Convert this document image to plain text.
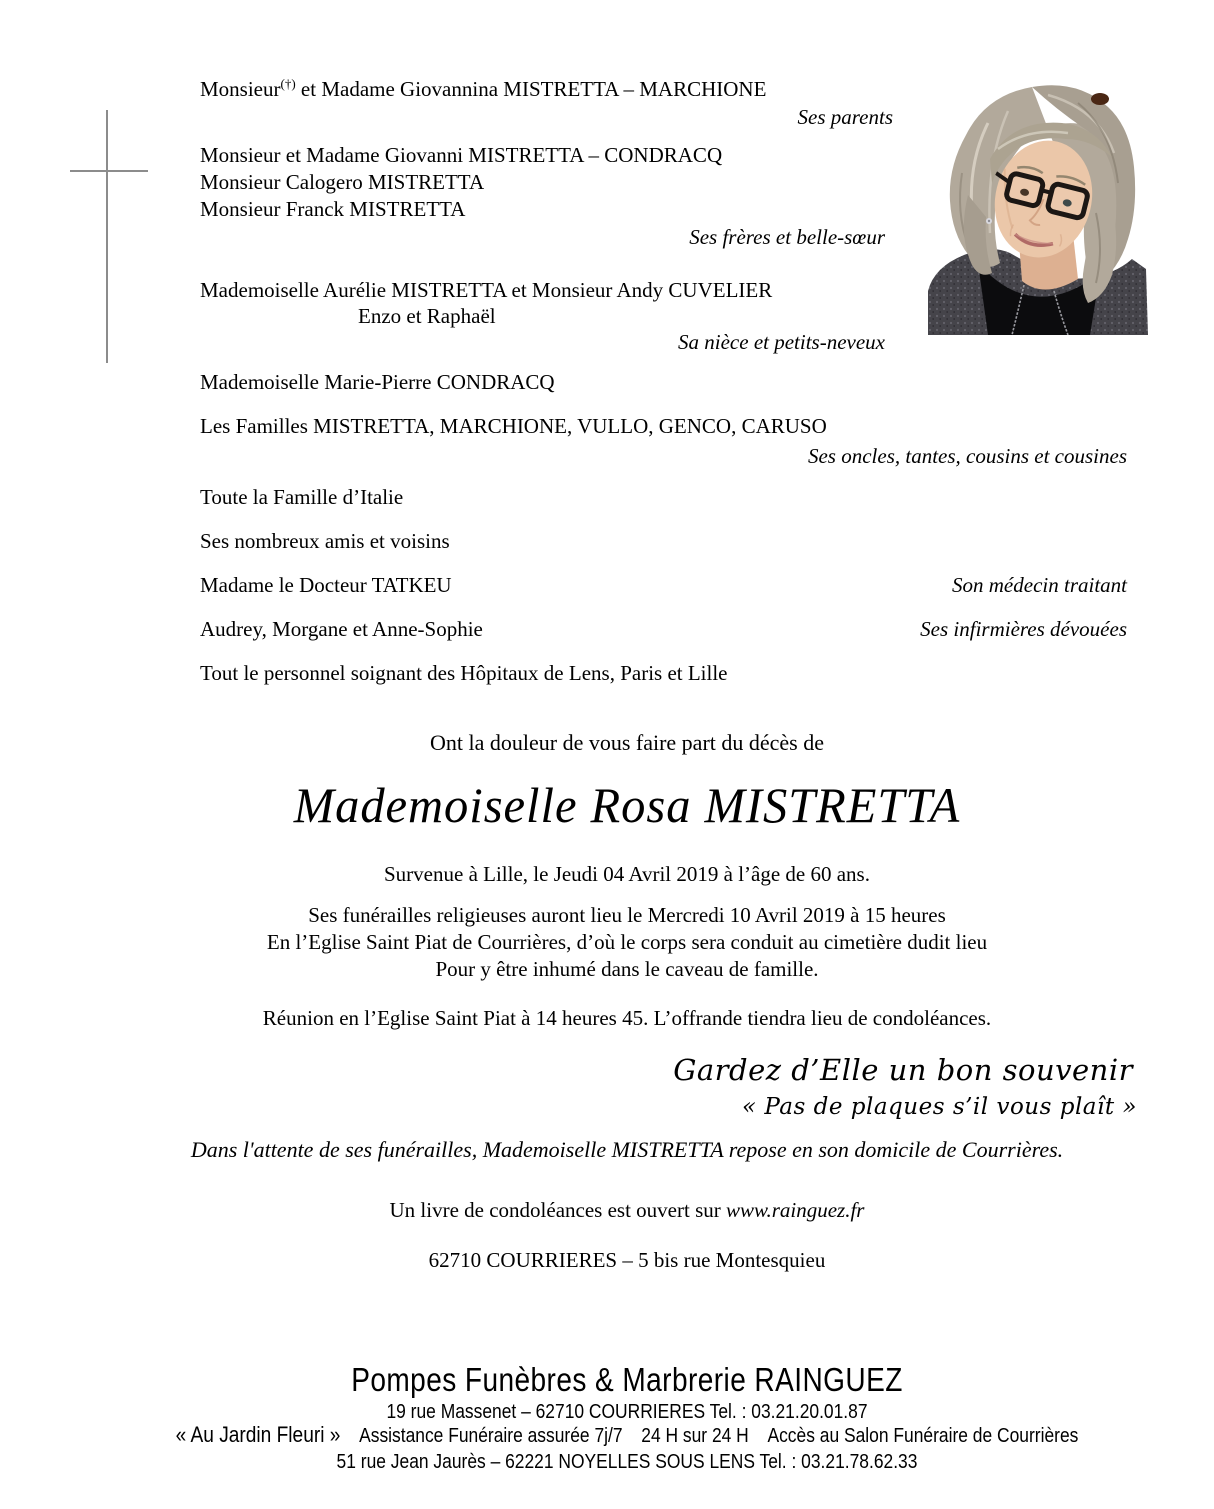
Monsieur(†) et Madame Giovannina MISTRETTA – MARCHIONE
Ses parents
Monsieur et Madame Giovanni MISTRETTA – CONDRACQ
Monsieur Calogero MISTRETTA
Monsieur Franck MISTRETTA
Ses frères et belle-sœur
Mademoiselle Aurélie MISTRETTA et Monsieur Andy CUVELIER
Enzo et Raphaël
Sa nièce et petits-neveux
Mademoiselle Marie-Pierre CONDRACQ
Les Familles MISTRETTA, MARCHIONE, VULLO, GENCO, CARUSO
Ses oncles, tantes, cousins et cousines
Toute la Famille d’Italie
Ses nombreux amis et voisins
Madame le Docteur TATKEU	Son médecin traitant
Audrey, Morgane et Anne-Sophie	Ses infirmières dévouées
Tout le personnel soignant des Hôpitaux de Lens, Paris et Lille
Ont la douleur de vous faire part du décès de
Mademoiselle Rosa MISTRETTA
Survenue à Lille, le Jeudi 04 Avril 2019 à l’âge de 60 ans.
Ses funérailles religieuses auront lieu le Mercredi 10 Avril 2019 à 15 heures
En l’Eglise Saint Piat de Courrières, d’où le corps sera conduit au cimetière dudit lieu
Pour y être inhumé dans le caveau de famille.
Réunion en l’Eglise Saint Piat à 14 heures 45. L’offrande tiendra lieu de condoléances.
Gardez d’Elle un bon souvenir
« Pas de plaques s’il vous plaît »
Dans l'attente de ses funérailles, Mademoiselle MISTRETTA repose en son domicile de Courrières.
Un livre de condoléances est ouvert sur www.rainguez.fr
62710 COURRIERES – 5 bis rue Montesquieu
Pompes Funèbres & Marbrerie RAINGUEZ
19 rue Massenet – 62710 COURRIERES Tel. : 03.21.20.01.87
« Au Jardin Fleuri » Assistance Funéraire assurée 7j/7 24 H sur 24 H Accès au Salon Funéraire de Courrières
51 rue Jean Jaurès – 62221 NOYELLES SOUS LENS Tel. : 03.21.78.62.33
